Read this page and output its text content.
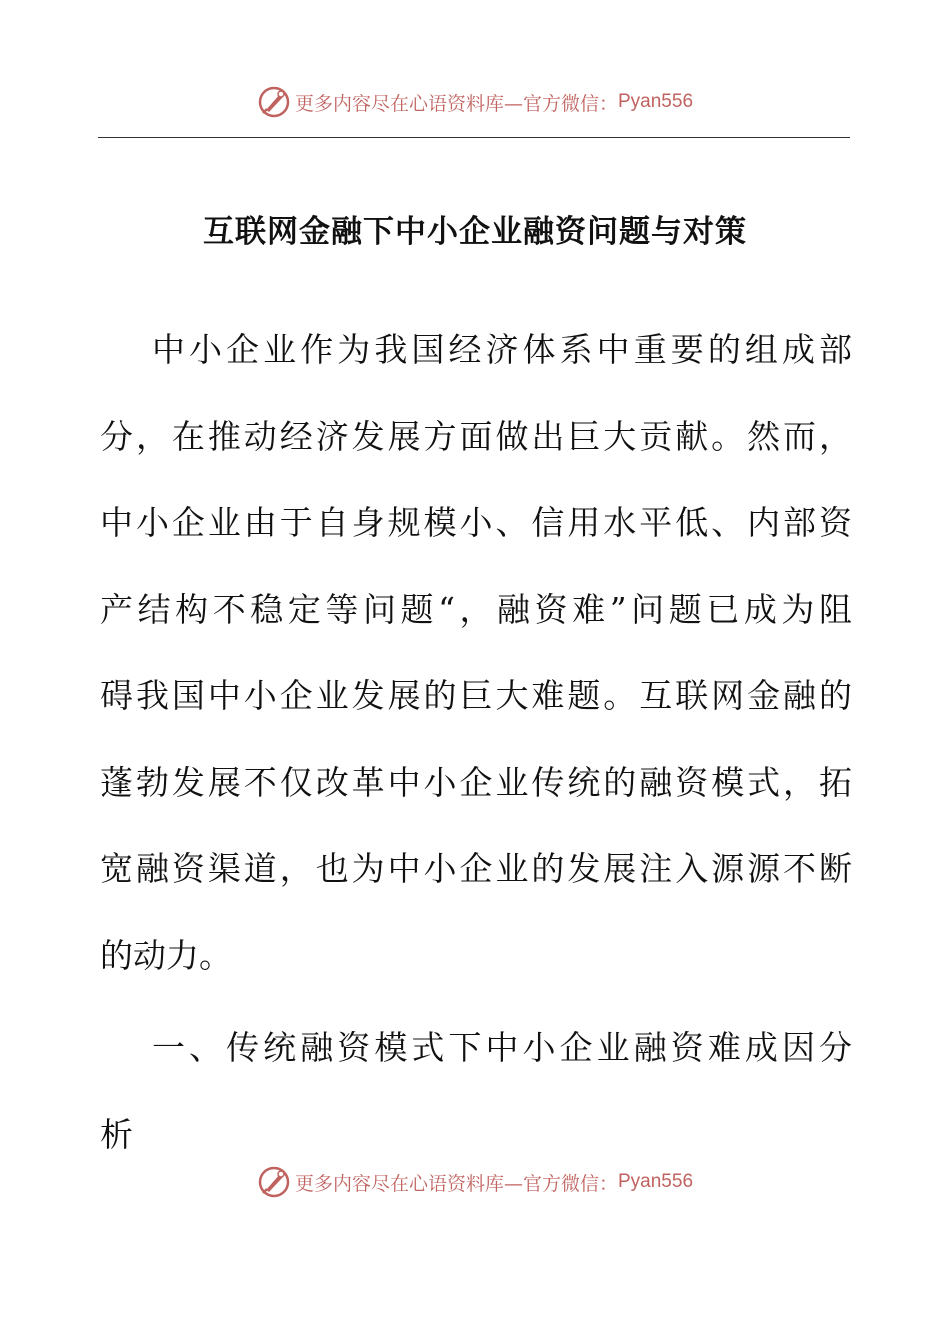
更多内容尽在心语资料库—官方微信： Pyan556
互联网金融下中小企业融资问题与对策
中小企业作为我国经济体系中重要的组成部
分，在推动经济发展方面做出巨大贡献。然而，
中小企业由于自身规模小、信用水平低、内部资
产结构不稳定等问题“，融资难”问题已成为阻
碍我国中小企业发展的巨大难题。互联网金融的
蓬勃发展不仅改革中小企业传统的融资模式，拓
宽融资渠道，也为中小企业的发展注入源源不断
的动力。
一、传统融资模式下中小企业融资难成因分
析
更多内容尽在心语资料库—官方微信： Pyan556
